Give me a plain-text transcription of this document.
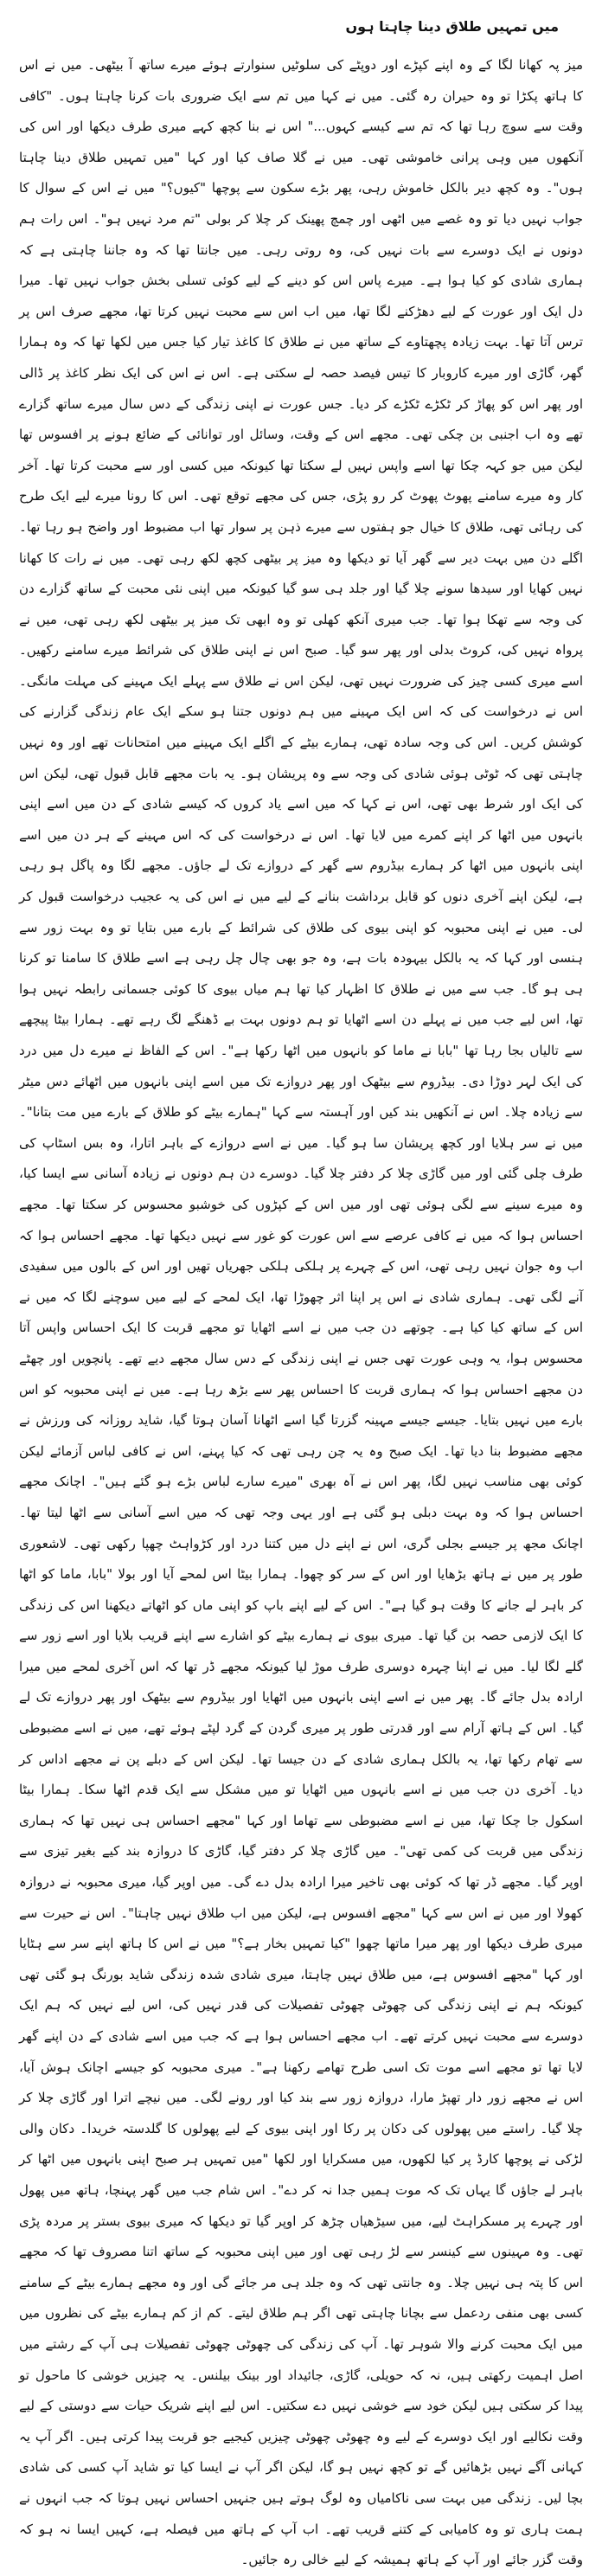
میں تمہیں طلاق دینا چاہتا ہوں

میز پہ کھانا لگا کے وہ اپنے کپڑے اور دوپٹے کی سلوٹیں سنوارتے ہوئے میرے ساتھ آ بیٹھی۔ میں نے اس کا ہاتھ پکڑا تو وہ حیران رہ گئی۔ میں نے کہا میں تم سے ایک ضروری بات کرنا چاہتا ہوں۔ "کافی وقت سے سوچ رہا تھا کہ تم سے کیسے کہوں..." اس نے بنا کچھ کہے میری طرف دیکھا اور اس کی آنکھوں میں وہی پرانی خاموشی تھی۔ میں نے گلا صاف کیا اور کہا "میں تمہیں طلاق دینا چاہتا ہوں"۔ وہ کچھ دیر بالکل خاموش رہی، پھر بڑے سکون سے پوچھا "کیوں؟" میں نے اس کے سوال کا جواب نہیں دیا تو وہ غصے میں اٹھی اور چمچ پھینک کر چلا کر بولی "تم مرد نہیں ہو"۔ اس رات ہم دونوں نے ایک دوسرے سے بات نہیں کی، وہ روتی رہی۔ میں جانتا تھا کہ وہ جاننا چاہتی ہے کہ ہماری شادی کو کیا ہوا ہے۔ میرے پاس اس کو دینے کے لیے کوئی تسلی بخش جواب نہیں تھا۔ میرا دل ایک اور عورت کے لیے دھڑکنے لگا تھا، میں اب اس سے محبت نہیں کرتا تھا، مجھے صرف اس پر ترس آتا تھا۔ بہت زیادہ پچھتاوے کے ساتھ میں نے طلاق کا کاغذ تیار کیا جس میں لکھا تھا کہ وہ ہمارا گھر، گاڑی اور میرے کاروبار کا تیس فیصد حصہ لے سکتی ہے۔ اس نے اس کی ایک نظر کاغذ پر ڈالی اور پھر اس کو پھاڑ کر ٹکڑے ٹکڑے کر دیا۔ جس عورت نے اپنی زندگی کے دس سال میرے ساتھ گزارے تھے وہ اب اجنبی بن چکی تھی۔ مجھے اس کے وقت، وسائل اور توانائی کے ضائع ہونے پر افسوس تھا لیکن میں جو کہہ چکا تھا اسے واپس نہیں لے سکتا تھا کیونکہ میں کسی اور سے محبت کرتا تھا۔ آخر کار وہ میرے سامنے پھوٹ پھوٹ کر رو پڑی، جس کی مجھے توقع تھی۔ اس کا رونا میرے لیے ایک طرح کی رہائی تھی، طلاق کا خیال جو ہفتوں سے میرے ذہن پر سوار تھا اب مضبوط اور واضح ہو رہا تھا۔ اگلے دن میں بہت دیر سے گھر آیا تو دیکھا وہ میز پر بیٹھی کچھ لکھ رہی تھی۔ میں نے رات کا کھانا نہیں کھایا اور سیدھا سونے چلا گیا اور جلد ہی سو گیا کیونکہ میں اپنی نئی محبت کے ساتھ گزارے دن کی وجہ سے تھکا ہوا تھا۔ جب میری آنکھ کھلی تو وہ ابھی تک میز پر بیٹھی لکھ رہی تھی، میں نے پرواہ نہیں کی، کروٹ بدلی اور پھر سو گیا۔ صبح اس نے اپنی طلاق کی شرائط میرے سامنے رکھیں۔ اسے میری کسی چیز کی ضرورت نہیں تھی، لیکن اس نے طلاق سے پہلے ایک مہینے کی مہلت مانگی۔ اس نے درخواست کی کہ اس ایک مہینے میں ہم دونوں جتنا ہو سکے ایک عام زندگی گزارنے کی کوشش کریں۔ اس کی وجہ سادہ تھی، ہمارے بیٹے کے اگلے ایک مہینے میں امتحانات تھے اور وہ نہیں چاہتی تھی کہ ٹوٹی ہوئی شادی کی وجہ سے وہ پریشان ہو۔ یہ بات مجھے قابل قبول تھی، لیکن اس کی ایک اور شرط بھی تھی، اس نے کہا کہ میں اسے یاد کروں کہ کیسے شادی کے دن میں اسے اپنی بانہوں میں اٹھا کر اپنے کمرے میں لایا تھا۔ اس نے درخواست کی کہ اس مہینے کے ہر دن میں اسے اپنی بانہوں میں اٹھا کر ہمارے بیڈروم سے گھر کے دروازے تک لے جاؤں۔ مجھے لگا وہ پاگل ہو رہی ہے، لیکن اپنے آخری دنوں کو قابل برداشت بنانے کے لیے میں نے اس کی یہ عجیب درخواست قبول کر لی۔ میں نے اپنی محبوبہ کو اپنی بیوی کی طلاق کی شرائط کے بارے میں بتایا تو وہ بہت زور سے ہنسی اور کہا کہ یہ بالکل بیہودہ بات ہے، وہ جو بھی چال چل رہی ہے اسے طلاق کا سامنا تو کرنا ہی ہو گا۔ جب سے میں نے طلاق کا اظہار کیا تھا ہم میاں بیوی کا کوئی جسمانی رابطہ نہیں ہوا تھا، اس لیے جب میں نے پہلے دن اسے اٹھایا تو ہم دونوں بہت بے ڈھنگے لگ رہے تھے۔ ہمارا بیٹا پیچھے سے تالیاں بجا رہا تھا "بابا نے ماما کو بانہوں میں اٹھا رکھا ہے"۔ اس کے الفاظ نے میرے دل میں درد کی ایک لہر دوڑا دی۔ بیڈروم سے بیٹھک اور پھر دروازے تک میں اسے اپنی بانہوں میں اٹھائے دس میٹر سے زیادہ چلا۔ اس نے آنکھیں بند کیں اور آہستہ سے کہا "ہمارے بیٹے کو طلاق کے بارے میں مت بتانا"۔ میں نے سر ہلایا اور کچھ پریشان سا ہو گیا۔ میں نے اسے دروازے کے باہر اتارا، وہ بس اسٹاپ کی طرف چلی گئی اور میں گاڑی چلا کر دفتر چلا گیا۔ دوسرے دن ہم دونوں نے زیادہ آسانی سے ایسا کیا، وہ میرے سینے سے لگی ہوئی تھی اور میں اس کے کپڑوں کی خوشبو محسوس کر سکتا تھا۔ مجھے احساس ہوا کہ میں نے کافی عرصے سے اس عورت کو غور سے نہیں دیکھا تھا۔ مجھے احساس ہوا کہ اب وہ جوان نہیں رہی تھی، اس کے چہرے پر ہلکی ہلکی جھریاں تھیں اور اس کے بالوں میں سفیدی آنے لگی تھی۔ ہماری شادی نے اس پر اپنا اثر چھوڑا تھا، ایک لمحے کے لیے میں سوچنے لگا کہ میں نے اس کے ساتھ کیا کیا ہے۔ چوتھے دن جب میں نے اسے اٹھایا تو مجھے قربت کا ایک احساس واپس آتا محسوس ہوا، یہ وہی عورت تھی جس نے اپنی زندگی کے دس سال مجھے دیے تھے۔ پانچویں اور چھٹے دن مجھے احساس ہوا کہ ہماری قربت کا احساس پھر سے بڑھ رہا ہے۔ میں نے اپنی محبوبہ کو اس بارے میں نہیں بتایا۔ جیسے جیسے مہینہ گزرتا گیا اسے اٹھانا آسان ہوتا گیا، شاید روزانہ کی ورزش نے مجھے مضبوط بنا دیا تھا۔ ایک صبح وہ یہ چن رہی تھی کہ کیا پہنے، اس نے کافی لباس آزمائے لیکن کوئی بھی مناسب نہیں لگا، پھر اس نے آہ بھری "میرے سارے لباس بڑے ہو گئے ہیں"۔ اچانک مجھے احساس ہوا کہ وہ بہت دبلی ہو گئی ہے اور یہی وجہ تھی کہ میں اسے آسانی سے اٹھا لیتا تھا۔ اچانک مجھ پر جیسے بجلی گری، اس نے اپنے دل میں کتنا درد اور کڑواہٹ چھپا رکھی تھی۔ لاشعوری طور پر میں نے ہاتھ بڑھایا اور اس کے سر کو چھوا۔ ہمارا بیٹا اس لمحے آیا اور بولا "بابا، ماما کو اٹھا کر باہر لے جانے کا وقت ہو گیا ہے"۔ اس کے لیے اپنے باپ کو اپنی ماں کو اٹھاتے دیکھنا اس کی زندگی کا ایک لازمی حصہ بن گیا تھا۔ میری بیوی نے ہمارے بیٹے کو اشارے سے اپنے قریب بلایا اور اسے زور سے گلے لگا لیا۔ میں نے اپنا چہرہ دوسری طرف موڑ لیا کیونکہ مجھے ڈر تھا کہ اس آخری لمحے میں میرا ارادہ بدل جائے گا۔ پھر میں نے اسے اپنی بانہوں میں اٹھایا اور بیڈروم سے بیٹھک اور پھر دروازے تک لے گیا۔ اس کے ہاتھ آرام سے اور قدرتی طور پر میری گردن کے گرد لپٹے ہوئے تھے، میں نے اسے مضبوطی سے تھام رکھا تھا، یہ بالکل ہماری شادی کے دن جیسا تھا۔ لیکن اس کے دبلے پن نے مجھے اداس کر دیا۔ آخری دن جب میں نے اسے بانہوں میں اٹھایا تو میں مشکل سے ایک قدم اٹھا سکا۔ ہمارا بیٹا اسکول جا چکا تھا، میں نے اسے مضبوطی سے تھاما اور کہا "مجھے احساس ہی نہیں تھا کہ ہماری زندگی میں قربت کی کمی تھی"۔ میں گاڑی چلا کر دفتر گیا، گاڑی کا دروازہ بند کیے بغیر تیزی سے اوپر گیا۔ مجھے ڈر تھا کہ کوئی بھی تاخیر میرا ارادہ بدل دے گی۔ میں اوپر گیا، میری محبوبہ نے دروازہ کھولا اور میں نے اس سے کہا "مجھے افسوس ہے، لیکن میں اب طلاق نہیں چاہتا"۔ اس نے حیرت سے میری طرف دیکھا اور پھر میرا ماتھا چھوا "کیا تمہیں بخار ہے؟" میں نے اس کا ہاتھ اپنے سر سے ہٹایا اور کہا "مجھے افسوس ہے، میں طلاق نہیں چاہتا، میری شادی شدہ زندگی شاید بورنگ ہو گئی تھی کیونکہ ہم نے اپنی زندگی کی چھوٹی چھوٹی تفصیلات کی قدر نہیں کی، اس لیے نہیں کہ ہم ایک دوسرے سے محبت نہیں کرتے تھے۔ اب مجھے احساس ہوا ہے کہ جب میں اسے شادی کے دن اپنے گھر لایا تھا تو مجھے اسے موت تک اسی طرح تھامے رکھنا ہے"۔ میری محبوبہ کو جیسے اچانک ہوش آیا، اس نے مجھے زور دار تھپڑ مارا، دروازہ زور سے بند کیا اور رونے لگی۔ میں نیچے اترا اور گاڑی چلا کر چلا گیا۔ راستے میں پھولوں کی دکان پر رکا اور اپنی بیوی کے لیے پھولوں کا گلدستہ خریدا۔ دکان والی لڑکی نے پوچھا کارڈ پر کیا لکھوں، میں مسکرایا اور لکھا "میں تمہیں ہر صبح اپنی بانہوں میں اٹھا کر باہر لے جاؤں گا یہاں تک کہ موت ہمیں جدا نہ کر دے"۔ اس شام جب میں گھر پہنچا، ہاتھ میں پھول اور چہرے پر مسکراہٹ لیے، میں سیڑھیاں چڑھ کر اوپر گیا تو دیکھا کہ میری بیوی بستر پر مردہ پڑی تھی۔ وہ مہینوں سے کینسر سے لڑ رہی تھی اور میں اپنی محبوبہ کے ساتھ اتنا مصروف تھا کہ مجھے اس کا پتہ ہی نہیں چلا۔ وہ جانتی تھی کہ وہ جلد ہی مر جائے گی اور وہ مجھے ہمارے بیٹے کے سامنے کسی بھی منفی ردعمل سے بچانا چاہتی تھی اگر ہم طلاق لیتے۔ کم از کم ہمارے بیٹے کی نظروں میں میں ایک محبت کرنے والا شوہر تھا۔ آپ کی زندگی کی چھوٹی چھوٹی تفصیلات ہی آپ کے رشتے میں اصل اہمیت رکھتی ہیں، نہ کہ حویلی، گاڑی، جائیداد اور بینک بیلنس۔ یہ چیزیں خوشی کا ماحول تو پیدا کر سکتی ہیں لیکن خود سے خوشی نہیں دے سکتیں۔ اس لیے اپنے شریک حیات سے دوستی کے لیے وقت نکالیے اور ایک دوسرے کے لیے وہ چھوٹی چھوٹی چیزیں کیجیے جو قربت پیدا کرتی ہیں۔ اگر آپ یہ کہانی آگے نہیں بڑھائیں گے تو کچھ نہیں ہو گا، لیکن اگر آپ نے ایسا کیا تو شاید آپ کسی کی شادی بچا لیں۔ زندگی میں بہت سی ناکامیاں وہ لوگ ہوتے ہیں جنہیں احساس نہیں ہوتا کہ جب انہوں نے ہمت ہاری تو وہ کامیابی کے کتنے قریب تھے۔ اب آپ کے ہاتھ میں فیصلہ ہے، کہیں ایسا نہ ہو کہ وقت گزر جائے اور آپ کے ہاتھ ہمیشہ کے لیے خالی رہ جائیں۔
